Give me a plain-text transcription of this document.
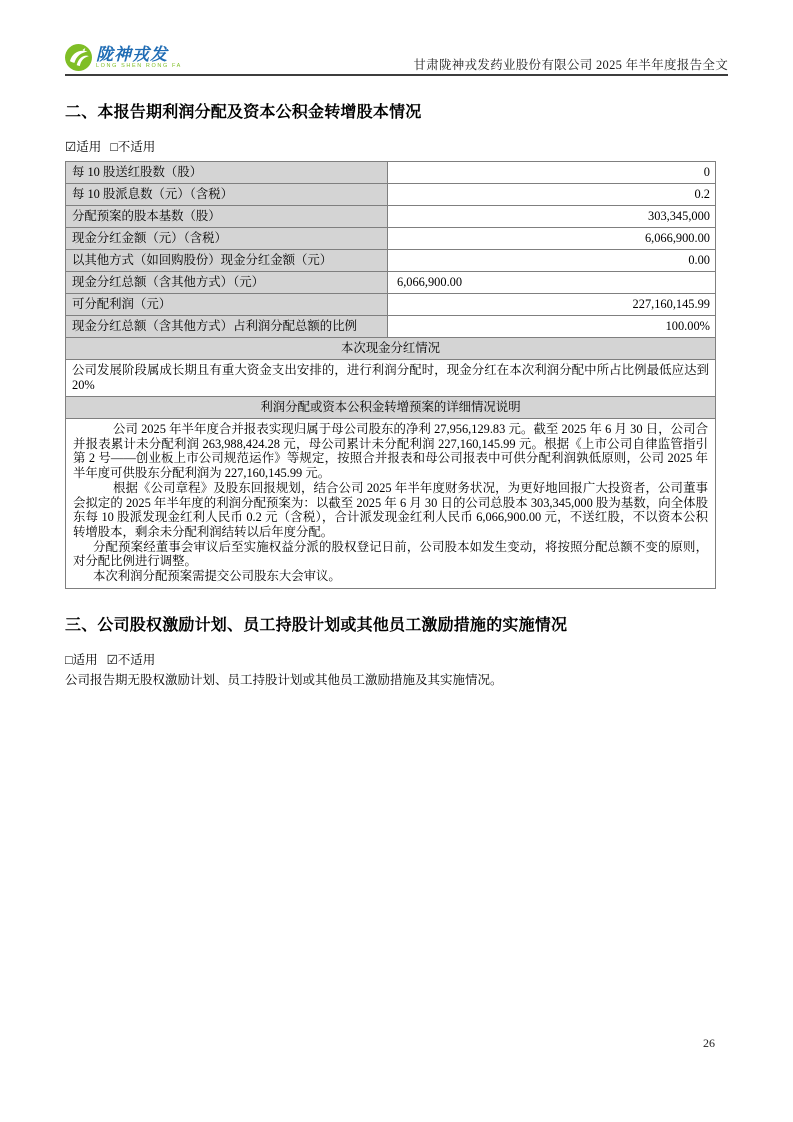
陇神戎发
LONG SHEN RONG FA	甘肃陇神戎发药业股份有限公司 2025 年半年度报告全文
二、本报告期利润分配及资本公积金转增股本情况
☑适用 □不适用
每 10 股送红股数（股）	0
每 10 股派息数（元）（含税）	0.2
分配预案的股本基数（股）	303,345,000
现金分红金额（元）（含税）	6,066,900.00
以其他方式（如回购股份）现金分红金额（元）	0.00
现金分红总额（含其他方式）（元）	6,066,900.00
可分配利润（元）	227,160,145.99
现金分红总额（含其他方式）占利润分配总额的比例	100.00%
本次现金分红情况	
公司发展阶段属成长期且有重大资金支出安排的，进行利润分配时，现金分红在本次利润分配中所占比例最低应达到 20%	
利润分配或资本公积金转增预案的详细情况说明	

公司 2025 年半年度合并报表实现归属于母公司股东的净利 27,956,129.83 元。截至 2025 年 6 月 30 日，公司合并报表累计未分配利润 263,988,424.28 元，母公司累计未分配利润 227,160,145.99 元。根据《上市公司自律监管指引第 2 号——创业板上市公司规范运作》等规定，按照合并报表和母公司报表中可供分配利润孰低原则，公司 2025 年半年度可供股东分配利润为 227,160,145.99 元。

根据《公司章程》及股东回报规划，结合公司 2025 年半年度财务状况，为更好地回报广大投资者，公司董事会拟定的 2025 年半年度的利润分配预案为：以截至 2025 年 6 月 30 日的公司总股本 303,345,000 股为基数，向全体股东每 10 股派发现金红利人民币 0.2 元（含税），合计派发现金红利人民币 6,066,900.00 元，不送红股，不以资本公积转增股本，剩余未分配利润结转以后年度分配。

分配预案经董事会审议后至实施权益分派的股权登记日前，公司股本如发生变动，将按照分配总额不变的原则，对分配比例进行调整。

本次利润分配预案需提交公司股东大会审议。	

三、公司股权激励计划、员工持股计划或其他员工激励措施的实施情况
□适用 ☑不适用
公司报告期无股权激励计划、员工持股计划或其他员工激励措施及其实施情况。
26
